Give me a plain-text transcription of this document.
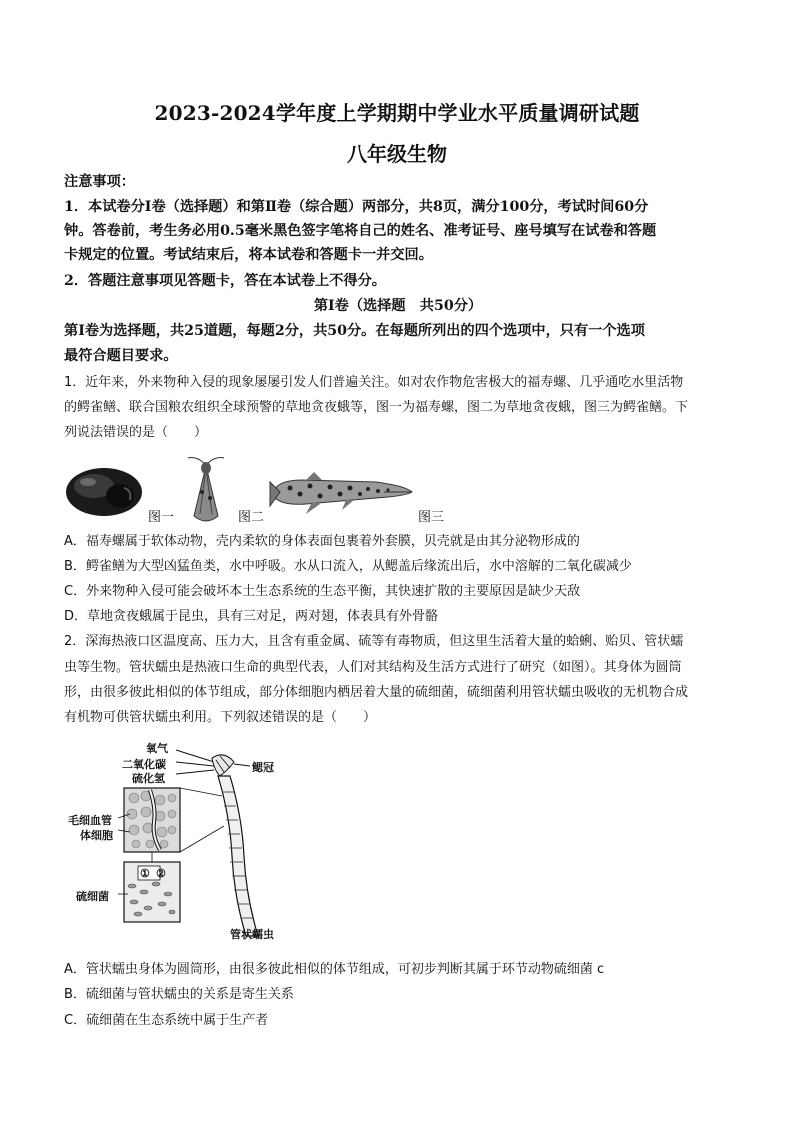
2023-2024学年度上学期期中学业水平质量调研试题
八年级生物
注意事项：
1．本试卷分Ⅰ卷（选择题）和第Ⅱ卷（综合题）两部分，共8页，满分100分，考试时间60分
钟。答卷前，考生务必用0.5毫米黑色签字笔将自己的姓名、准考证号、座号填写在试卷和答题
卡规定的位置。考试结束后，将本试卷和答题卡一并交回。
2．答题注意事项见答题卡，答在本试卷上不得分。
第Ⅰ卷（选择题　共50分）
第Ⅰ卷为选择题，共25道题，每题2分，共50分。在每题所列出的四个选项中，只有一个选项
最符合题目要求。
1．近年来，外来物种入侵的现象屡屡引发人们普遍关注。如对农作物危害极大的福寿螺、几乎通吃水里活物
的鳄雀鳝、联合国粮农组织全球预警的草地贪夜蛾等，图一为福寿螺，图二为草地贪夜蛾，图三为鳄雀鳝。下
列说法错误的是（　　）
图一	图二	图三
A．福寿螺属于软体动物，壳内柔软的身体表面包裹着外套膜，贝壳就是由其分泌物形成的
B．鳄雀鳝为大型凶猛鱼类，水中呼吸。水从口流入，从鳃盖后缘流出后，水中溶解的二氧化碳减少
C．外来物种入侵可能会破坏本土生态系统的生态平衡，其快速扩散的主要原因是缺少天敌
D．草地贪夜蛾属于昆虫，具有三对足，两对翅，体表具有外骨骼
2．深海热液口区温度高、压力大，且含有重金属、硫等有毒物质，但这里生活着大量的蛤蜊、贻贝、管状蠕
虫等生物。管状蠕虫是热液口生命的典型代表，人们对其结构及生活方式进行了研究（如图）。其身体为圆筒
形，由很多彼此相似的体节组成，部分体细胞内栖居着大量的硫细菌，硫细菌利用管状蠕虫吸收的无机物合成
有机物可供管状蠕虫利用。下列叙述错误的是（　　）
氧气
二氧化碳
硫化氢
鳃冠
毛细血管
体细胞
硫细菌
① ②
管状蠕虫
A．管状蠕虫身体为圆筒形，由很多彼此相似的体节组成，可初步判断其属于环节动物硫细菌 c
B．硫细菌与管状蠕虫的关系是寄生关系
C．硫细菌在生态系统中属于生产者
